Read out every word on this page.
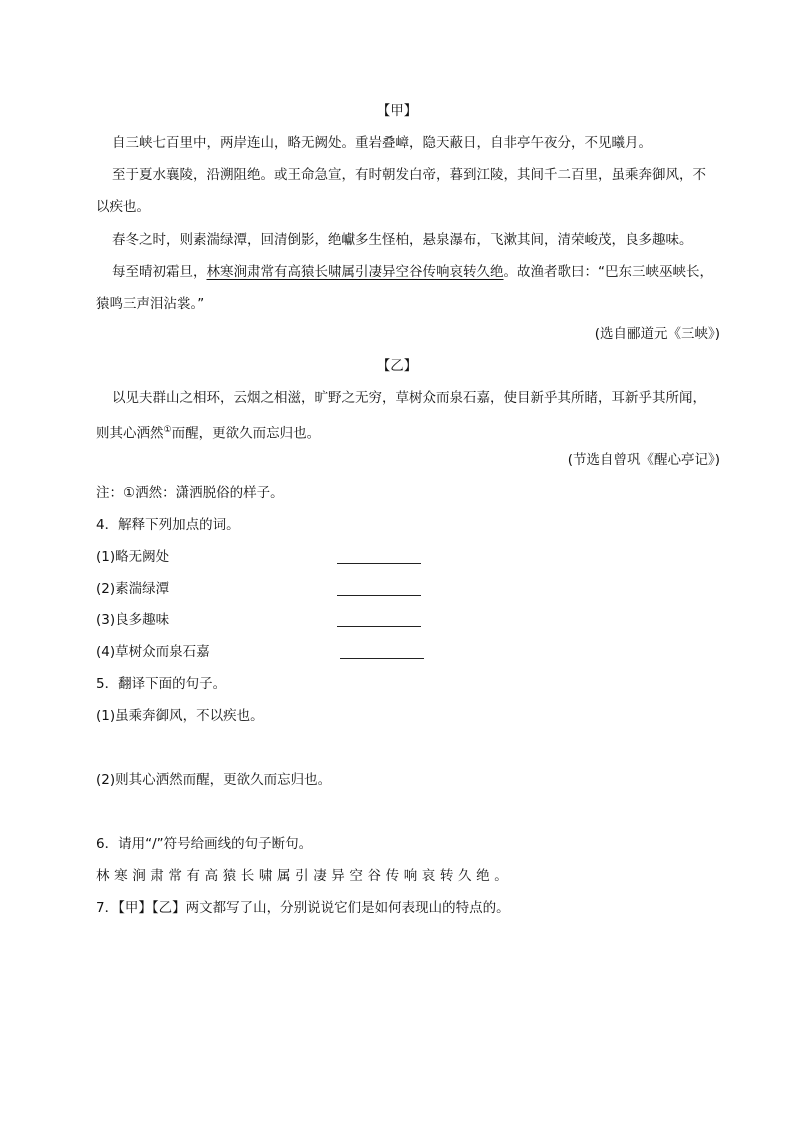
【甲】
自三峡七百里中，两岸连山，略无阙处。重岩叠嶂，隐天蔽日，自非亭午夜分，不见曦月。
至于夏水襄陵，沿溯阻绝。或王命急宣，有时朝发白帝，暮到江陵，其间千二百里，虽乘奔御风，不
以疾也。
春冬之时，则素湍绿潭，回清倒影，绝巘多生怪柏，悬泉瀑布，飞漱其间，清荣峻茂，良多趣味。
每至晴初霜旦，林寒涧肃常有高猿长啸属引凄异空谷传响哀转久绝。故渔者歌曰：“巴东三峡巫峡长，
猿鸣三声泪沾裳。”
(选自郦道元《三峡》)
【乙】
以见夫群山之相环，云烟之相滋，旷野之无穷，草树众而泉石嘉，使目新乎其所睹，耳新乎其所闻，
则其心洒然①而醒，更欲久而忘归也。
(节选自曾巩《醒心亭记》)
注：①洒然：潇洒脱俗的样子。
4．解释下列加点的词。
(1)略无阙处
(2)素湍绿潭
(3)良多趣味
(4)草树众而泉石嘉
5．翻译下面的句子。
(1)虽乘奔御风，不以疾也。
(2)则其心洒然而醒，更欲久而忘归也。
6．请用“/”符号给画线的句子断句。
林寒涧肃常有高猿长啸属引凄异空谷传响哀转久绝。
7．【甲】【乙】两文都写了山，分别说说它们是如何表现山的特点的。
